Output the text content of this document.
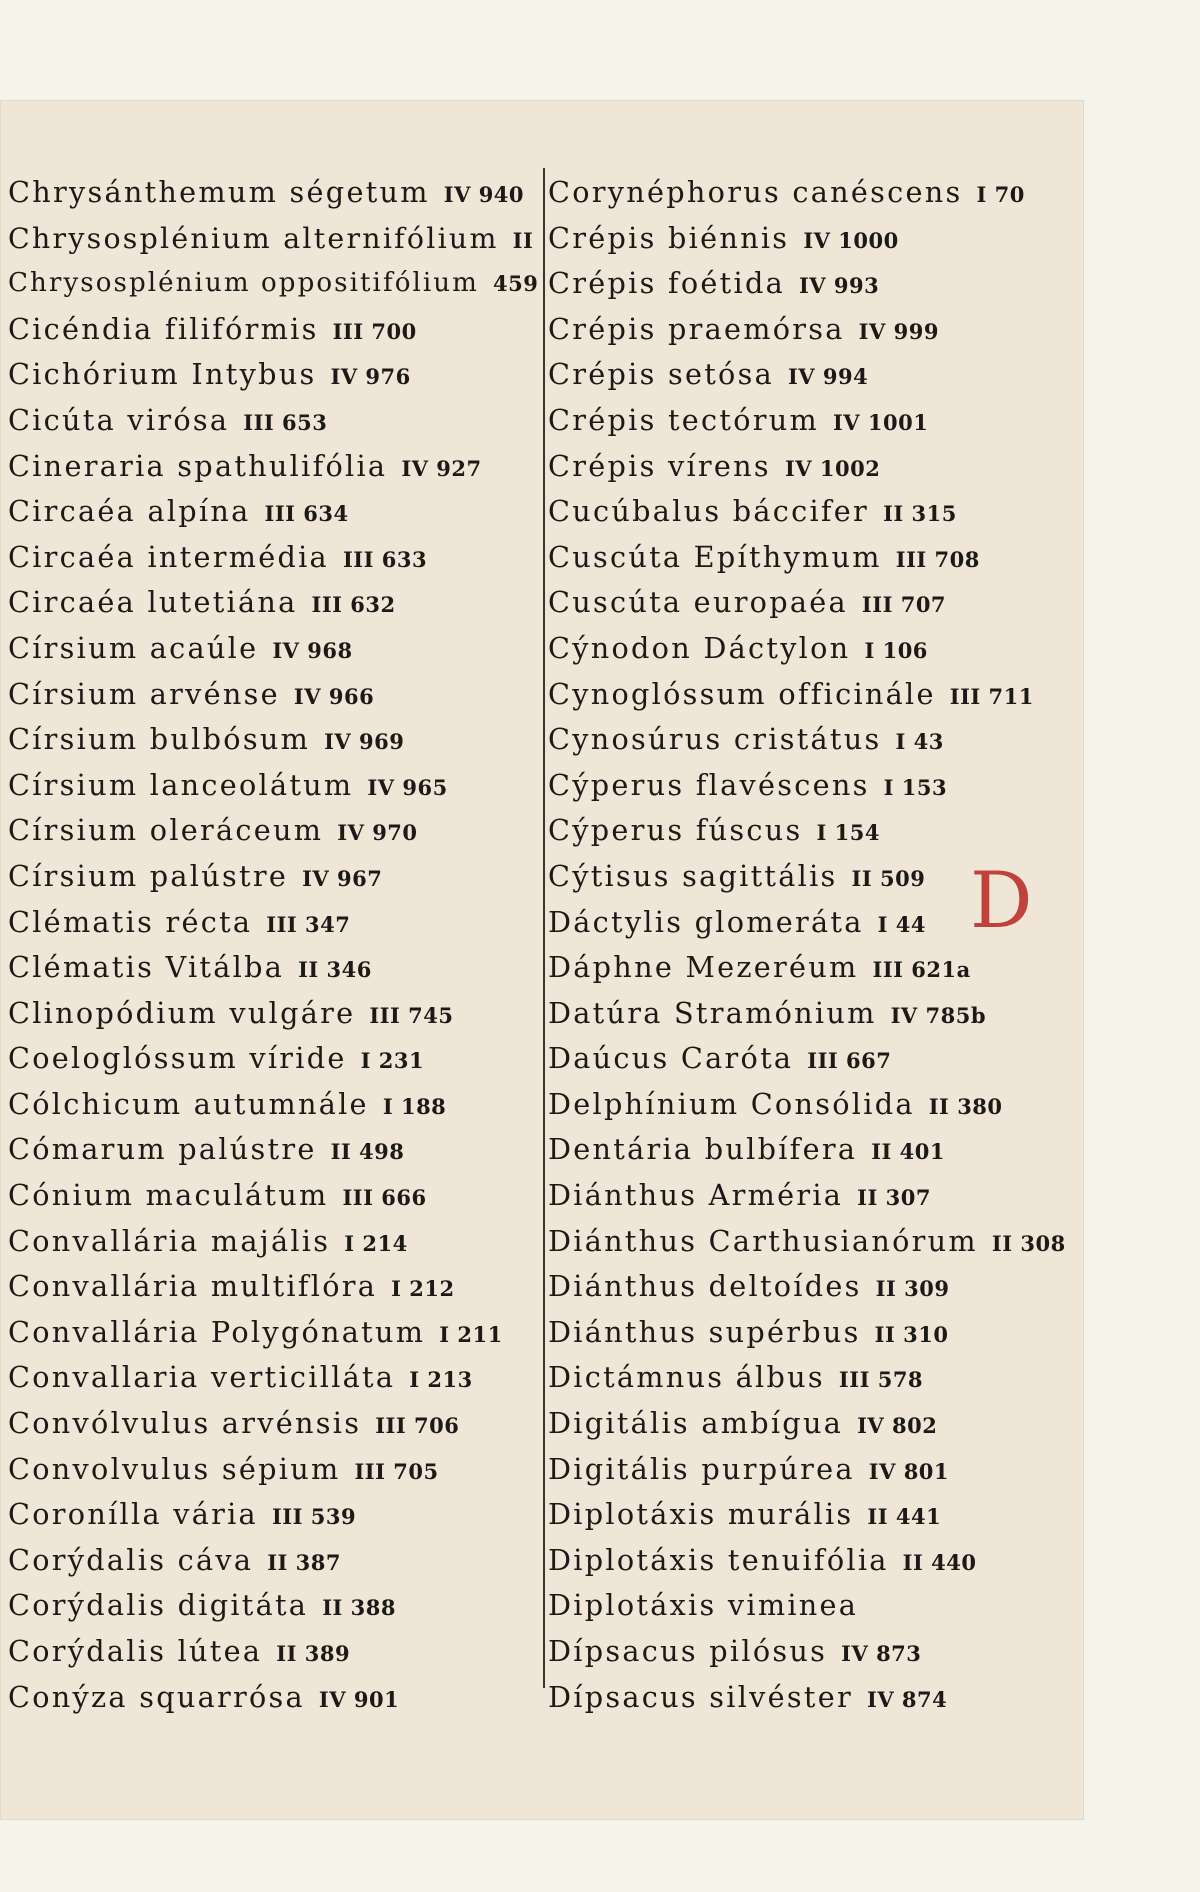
Chrysánthemum ségetum IV 940
Chrysosplénium alternifólium II
Chrysosplénium oppositifólium 459
Cicéndia filifórmis III 700
Cichórium Intybus IV 976
Cicúta virósa III 653
Cineraria spathulifólia IV 927
Circaéa alpína III 634
Circaéa intermédia III 633
Circaéa lutetiána III 632
Círsium acaúle IV 968
Círsium arvénse IV 966
Círsium bulbósum IV 969
Círsium lanceolátum IV 965
Círsium oleráceum IV 970
Círsium palústre IV 967
Clématis récta III 347
Clématis Vitálba II 346
Clinopódium vulgáre III 745
Coeloglóssum víride I 231
Cólchicum autumnále I 188
Cómarum palústre II 498
Cónium maculátum III 666
Convallária majális I 214
Convallária multiflóra I 212
Convallária Polygónatum I 211
Convallaria verticilláta I 213
Convólvulus arvénsis III 706
Convolvulus sépium III 705
Coronílla vária III 539
Corýdalis cáva II 387
Corýdalis digitáta II 388
Corýdalis lútea II 389
Conýza squarrósa IV 901
Corynéphorus canéscens I 70
Crépis biénnis IV 1000
Crépis foétida IV 993
Crépis praemórsa IV 999
Crépis setósa IV 994
Crépis tectórum IV 1001
Crépis vírens IV 1002
Cucúbalus báccifer II 315
Cuscúta Epíthymum III 708
Cuscúta europaéa III 707
Cýnodon Dáctylon I 106
Cynoglóssum officinále III 711
Cynosúrus cristátus I 43
Cýperus flavéscens I 153
Cýperus fúscus I 154
Cýtisus sagittális II 509
Dáctylis glomeráta I 44
Dáphne Mezeréum III 621a
Datúra Stramónium IV 785b
Daúcus Caróta III 667
Delphínium Consólida II 380
Dentária bulbífera II 401
Diánthus Arméria II 307
Diánthus Carthusianórum II 308
Diánthus deltoídes II 309
Diánthus supérbus II 310
Dictámnus álbus III 578
Digitális ambígua IV 802
Digitális purpúrea IV 801
Diplotáxis murális II 441
Diplotáxis tenuifólia II 440
Diplotáxis viminea
Dípsacus pilósus IV 873
Dípsacus silvéster IV 874
D
